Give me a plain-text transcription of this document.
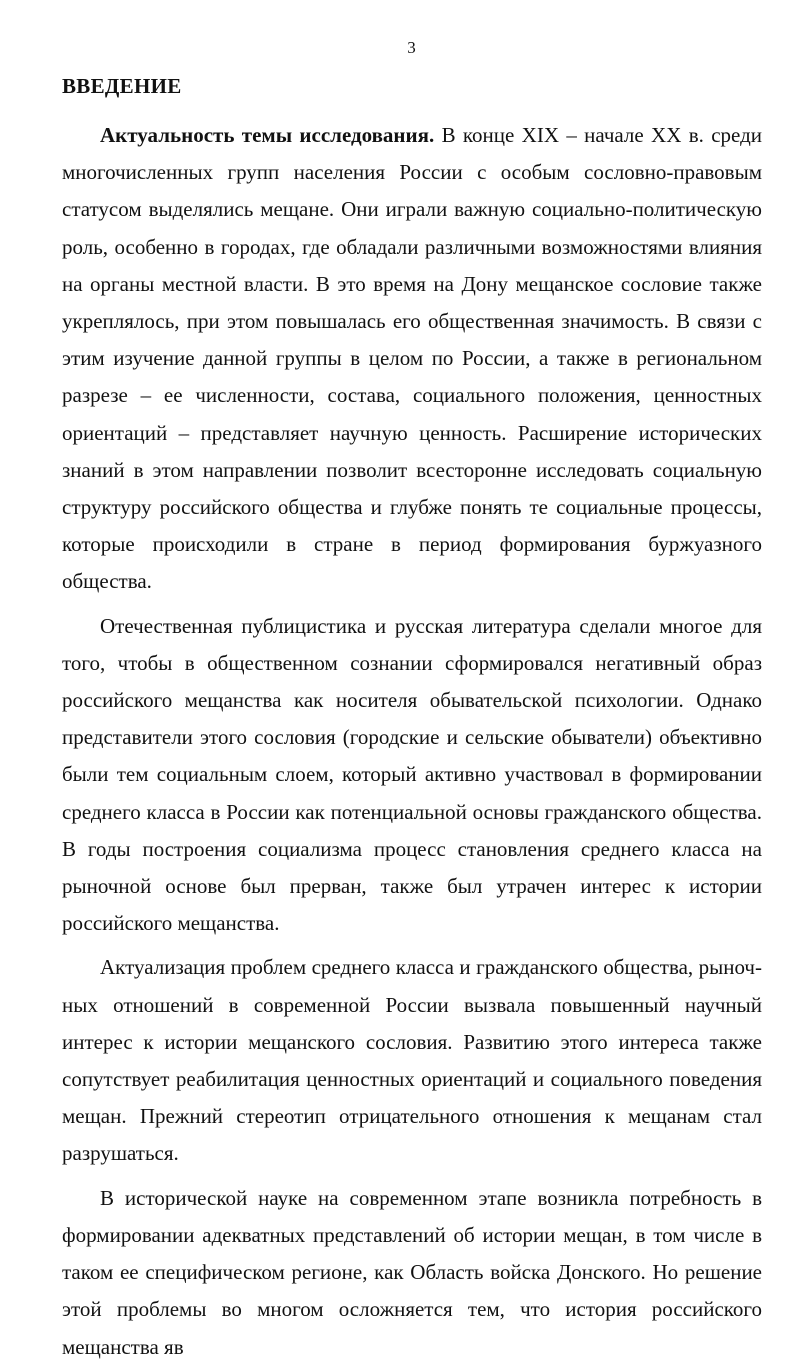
3
ВВЕДЕНИЕ

Актуальность темы исследования. В конце XIX – начале XX в. среди многочисленных групп населения России с особым сословно-правовым статусом выделялись мещане. Они играли важную социально-политическую роль, особенно в городах, где обладали различными возможностями влияния на органы местной власти. В это время на Дону мещанское сословие также укреплялось, при этом повышалась его общественная значимость. В связи с этим изучение данной группы в целом по России, а также в региональном разрезе – ее численности, состава, социального положения, ценностных ориентаций – представляет научную ценность. Расширение исторических знаний в этом направлении позволит всесторонне исследовать социальную структуру российского общества и глубже понять те социальные процессы, которые происходили в стране в период формирования буржуазного общества.

Отечественная публицистика и русская литература сделали многое для того, чтобы в общественном сознании сформировался негативный образ российского мещанства как носителя обывательской психологии. Однако представители этого сословия (городские и сельские обыватели) объективно были тем социальным слоем, который активно участвовал в формировании среднего класса в России как потенциальной основы гражданского общества. В годы построения социализма процесс становления среднего класса на рыночной основе был прерван, также был утрачен интерес к истории российского мещанства.

Актуализация проблем среднего класса и гражданского общества, рыночных отношений в современной России вызвала повышенный научный интерес к истории мещанского сословия. Развитию этого интереса также сопутствует реабилитация ценностных ориентаций и социального поведения мещан. Прежний стереотип отрицательного отношения к мещанам стал разрушаться.

В исторической науке на современном этапе возникла потребность в формировании адекватных представлений об истории мещан, в том числе в таком ее специфическом регионе, как Область войска Донского. Но решение этой проблемы во многом осложняется тем, что история российского мещанства яв
